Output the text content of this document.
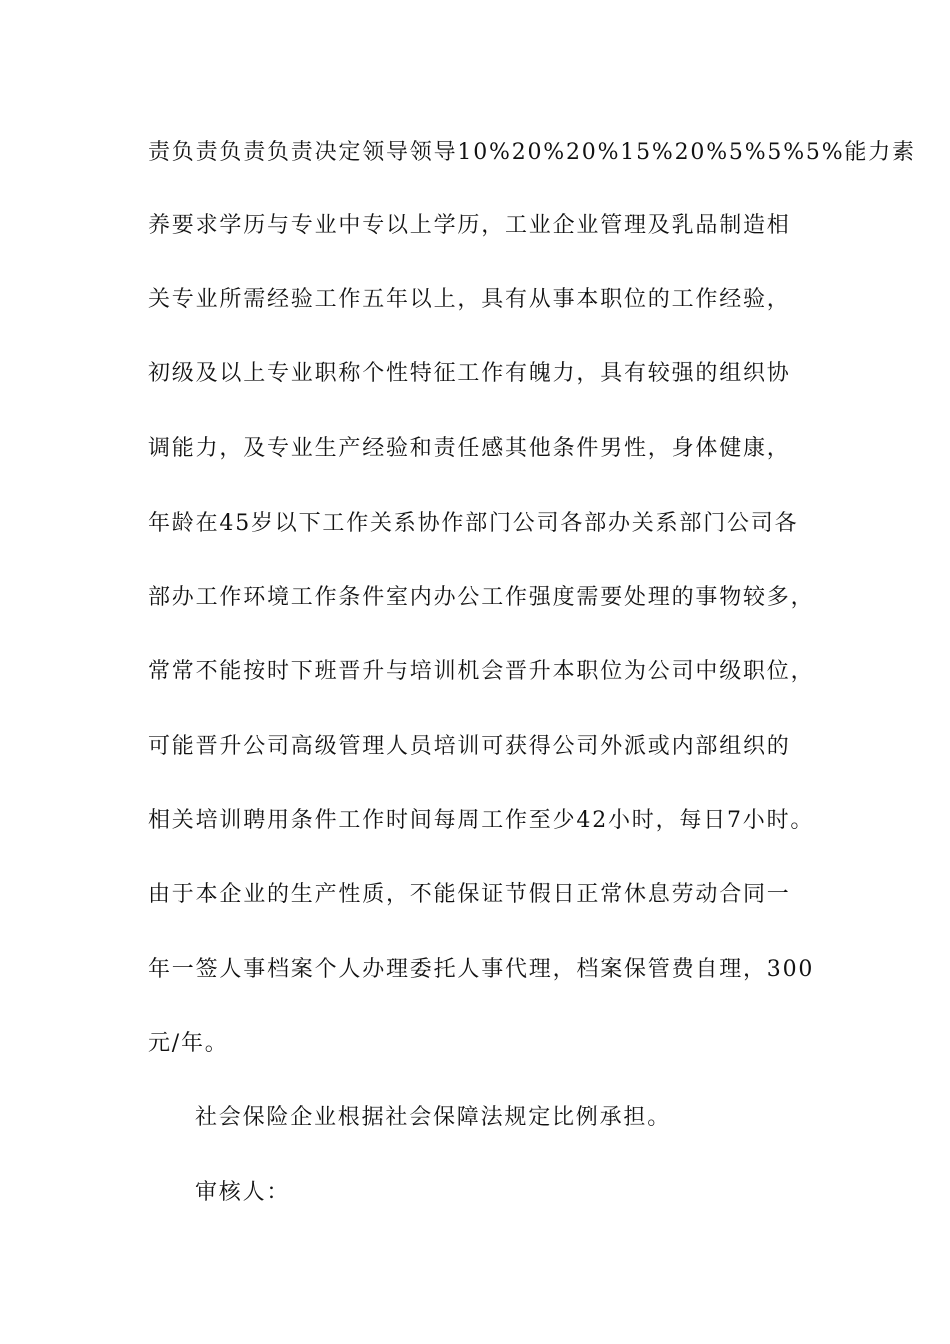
责负责负责负责决定领导领导10%20%20%15%20%5%5%5%能力素
养要求学历与专业中专以上学历，工业企业管理及乳品制造相
关专业所需经验工作五年以上，具有从事本职位的工作经验，
初级及以上专业职称个性特征工作有魄力，具有较强的组织协
调能力，及专业生产经验和责任感其他条件男性，身体健康，
年龄在45岁以下工作关系协作部门公司各部办关系部门公司各
部办工作环境工作条件室内办公工作强度需要处理的事物较多，
常常不能按时下班晋升与培训机会晋升本职位为公司中级职位，
可能晋升公司高级管理人员培训可获得公司外派或内部组织的
相关培训聘用条件工作时间每周工作至少42小时，每日7小时。
由于本企业的生产性质，不能保证节假日正常休息劳动合同一
年一签人事档案个人办理委托人事代理，档案保管费自理，300
元/年。
社会保险企业根据社会保障法规定比例承担。
审核人：
